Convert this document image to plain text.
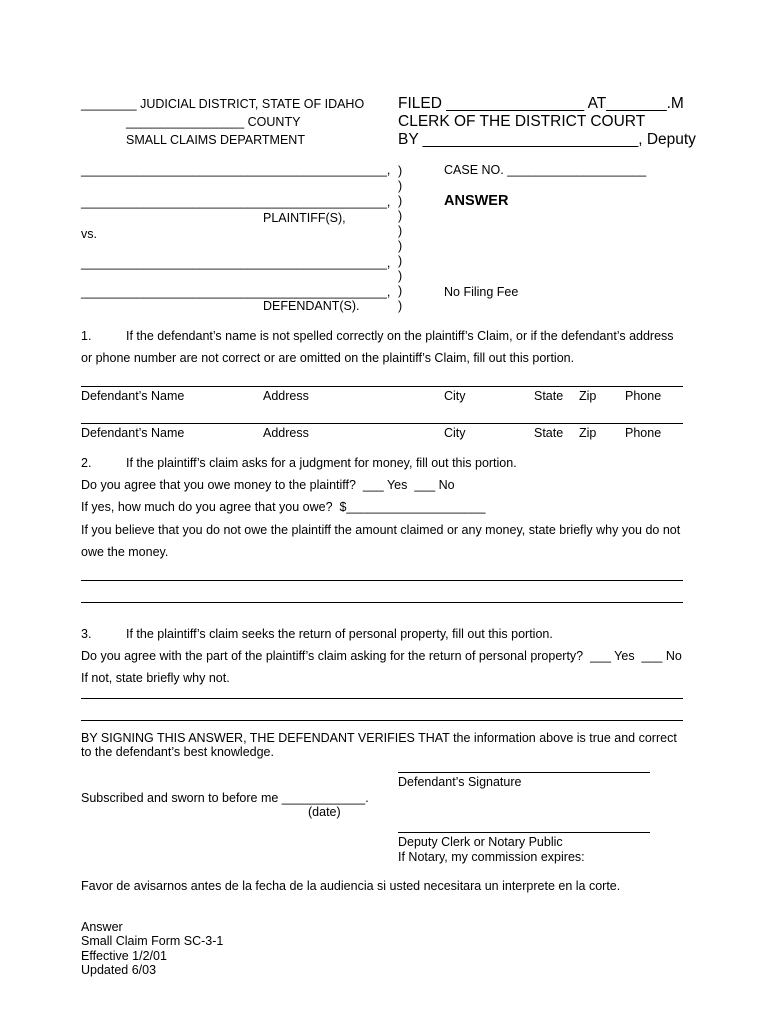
________ JUDICIAL DISTRICT, STATE OF IDAHO
_________________ COUNTY
SMALL CLAIMS DEPARTMENT
FILED ________________ AT_______.M
CLERK OF THE DISTRICT COURT
BY _________________________, Deputy
____________________________________________,
____________________________________________,
PLAINTIFF(S),
vs.
____________________________________________,
____________________________________________,
DEFENDANT(S).
)
)
)
)
)
)
)
)
)
)
CASE NO. ____________________
ANSWER
No Filing Fee
1.	If the defendant’s name is not spelled correctly on the plaintiff’s Claim, or if the defendant’s address
or phone number are not correct or are omitted on the plaintiff’s Claim, fill out this portion.
Defendant’s Name	Address	City	State Zip Phone
Defendant’s Name	Address	City	State Zip Phone
2.	If the plaintiff’s claim asks for a judgment for money, fill out this portion.
Do you agree that you owe money to the plaintiff?  ___ Yes  ___ No
If yes, how much do you agree that you owe?  $____________________
If you believe that you do not owe the plaintiff the amount claimed or any money, state briefly why you do not
owe the money.
3.	If the plaintiff’s claim seeks the return of personal property, fill out this portion.
Do you agree with the part of the plaintiff’s claim asking for the return of personal property?  ___ Yes  ___ No
If not, state briefly why not.
BY SIGNING THIS ANSWER, THE DEFENDANT VERIFIES THAT the information above is true and correct
to the defendant’s best knowledge.
Defendant’s Signature
Subscribed and sworn to before me ____________.
(date)
Deputy Clerk or Notary Public
If Notary, my commission expires:
Favor de avisarnos antes de la fecha de la audiencia si usted necesitara un interprete en la corte.
Answer
Small Claim Form SC-3-1
Effective 1/2/01
Updated 6/03
